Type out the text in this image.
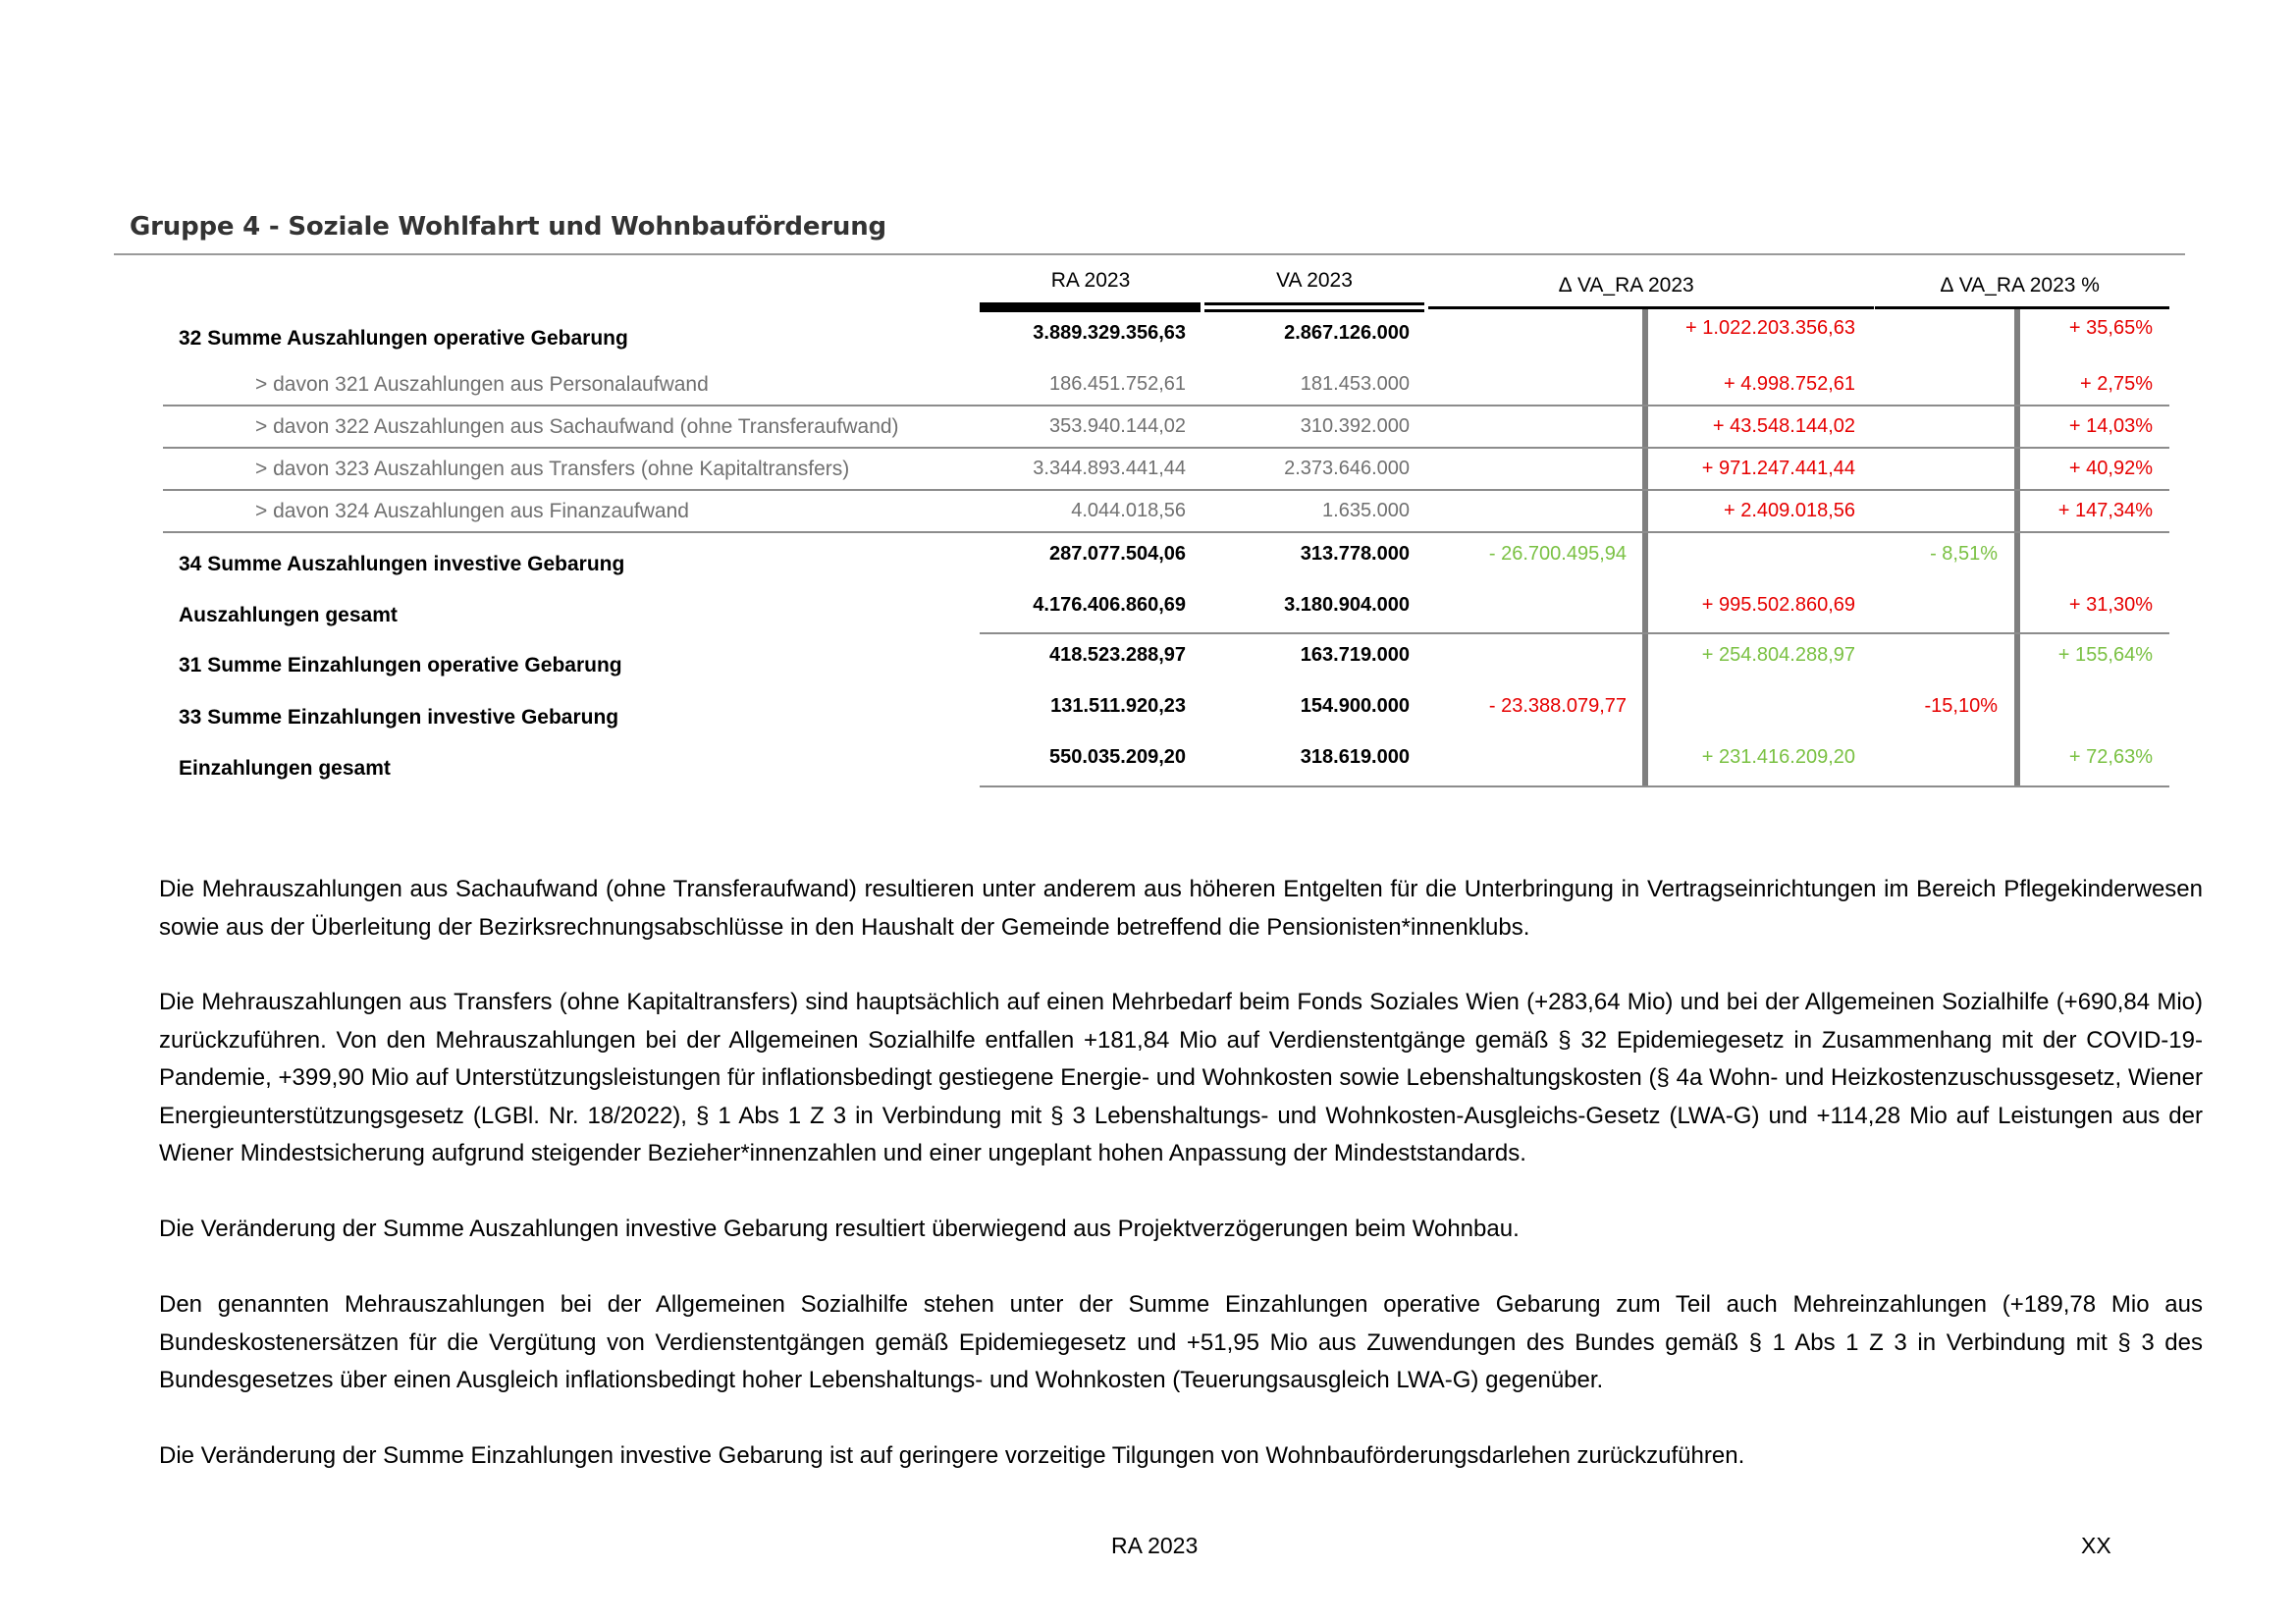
Gruppe 4 - Soziale Wohlfahrt und Wohnbauförderung
RA 2023	VA 2023	∆ VA_RA 2023	∆ VA_RA 2023 %
32 Summe Auszahlungen operative Gebarung	3.889.329.356,63	2.867.126.000	+ 1.022.203.356,63	+ 35,65%
> davon 321 Auszahlungen aus Personalaufwand	186.451.752,61	181.453.000	+ 4.998.752,61	+ 2,75%
> davon 322 Auszahlungen aus Sachaufwand (ohne Transferaufwand)	353.940.144,02	310.392.000	+ 43.548.144,02	+ 14,03%
> davon 323 Auszahlungen aus Transfers (ohne Kapitaltransfers)	3.344.893.441,44	2.373.646.000	+ 971.247.441,44	+ 40,92%
> davon 324 Auszahlungen aus Finanzaufwand	4.044.018,56	1.635.000	+ 2.409.018,56	+ 147,34%
34 Summe Auszahlungen investive Gebarung	287.077.504,06	313.778.000	- 26.700.495,94	- 8,51%
Auszahlungen gesamt	4.176.406.860,69	3.180.904.000	+ 995.502.860,69	+ 31,30%
31 Summe Einzahlungen operative Gebarung	418.523.288,97	163.719.000	+ 254.804.288,97	+ 155,64%
33 Summe Einzahlungen investive Gebarung	131.511.920,23	154.900.000	- 23.388.079,77	-15,10%
Einzahlungen gesamt	550.035.209,20	318.619.000	+ 231.416.209,20	+ 72,63%

Die Mehrauszahlungen aus Sachaufwand (ohne Transferaufwand) resultieren unter anderem aus höheren Entgelten für die Unterbringung in Vertragseinrichtungen im Bereich Pflegekinderwesen sowie aus der Überleitung der Bezirksrechnungsabschlüsse in den Haushalt der Gemeinde betreffend die Pensionisten*innenklubs.

Die Mehrauszahlungen aus Transfers (ohne Kapitaltransfers) sind hauptsächlich auf einen Mehrbedarf beim Fonds Soziales Wien (+283,64 Mio) und bei der Allgemeinen Sozialhilfe (+690,84 Mio) zurückzuführen. Von den Mehrauszahlungen bei der Allgemeinen Sozialhilfe entfallen +181,84 Mio auf Verdienstentgänge gemäß § 32 Epidemiegesetz in Zusammenhang mit der COVID-19-Pandemie, +399,90 Mio auf Unterstützungsleistungen für inflationsbedingt gestiegene Energie- und Wohnkosten sowie Lebenshaltungskosten (§ 4a Wohn- und Heizkostenzuschussgesetz, Wiener Energieunterstützungsgesetz (LGBl. Nr. 18/2022), § 1 Abs 1 Z 3 in Verbindung mit § 3 Lebenshaltungs- und Wohnkosten-Ausgleichs-Gesetz (LWA-G) und +114,28 Mio auf Leistungen aus der Wiener Mindestsicherung aufgrund steigender Bezieher*innenzahlen und einer ungeplant hohen Anpassung der Mindeststandards.

Die Veränderung der Summe Auszahlungen investive Gebarung resultiert überwiegend aus Projektverzögerungen beim Wohnbau.

Den genannten Mehrauszahlungen bei der Allgemeinen Sozialhilfe stehen unter der Summe Einzahlungen operative Gebarung zum Teil auch Mehreinzahlungen (+189,78 Mio aus Bundeskostenersätzen für die Vergütung von Verdienstentgängen gemäß Epidemiegesetz und +51,95 Mio aus Zuwendungen des Bundes gemäß § 1 Abs 1 Z 3 in Verbindung mit § 3 des Bundesgesetzes über einen Ausgleich inflationsbedingt hoher Lebenshaltungs- und Wohnkosten (Teuerungsausgleich LWA-G) gegenüber.

Die Veränderung der Summe Einzahlungen investive Gebarung ist auf geringere vorzeitige Tilgungen von Wohnbauförderungsdarlehen zurückzuführen.

RA 2023	XX
